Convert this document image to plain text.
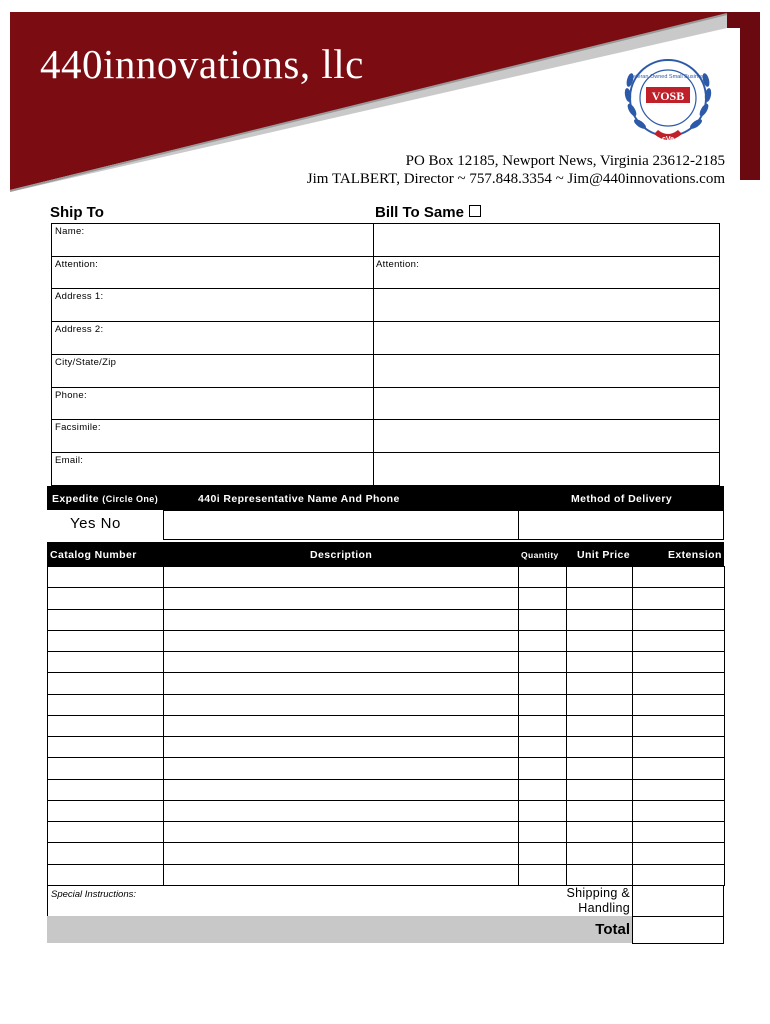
440innovations, llc
VOSB
cVe
Veteran Owned Small Business
PO Box 12185, Newport News, Virginia 23612-2185
Jim TALBERT, Director ~ 757.848.3354 ~ Jim@440innovations.com
Ship To	Bill To Same
Name:
Attention:	Attention:
Address 1:
Address 2:
City/State/Zip
Phone:
Facsimile:
Email:
Expedite (Circle One)	440i Representative Name And Phone	Method of Delivery
Yes No
Catalog Number	Description	Quantity Unit Price	Extension
Special Instructions:	Shipping &
Handling
Total
